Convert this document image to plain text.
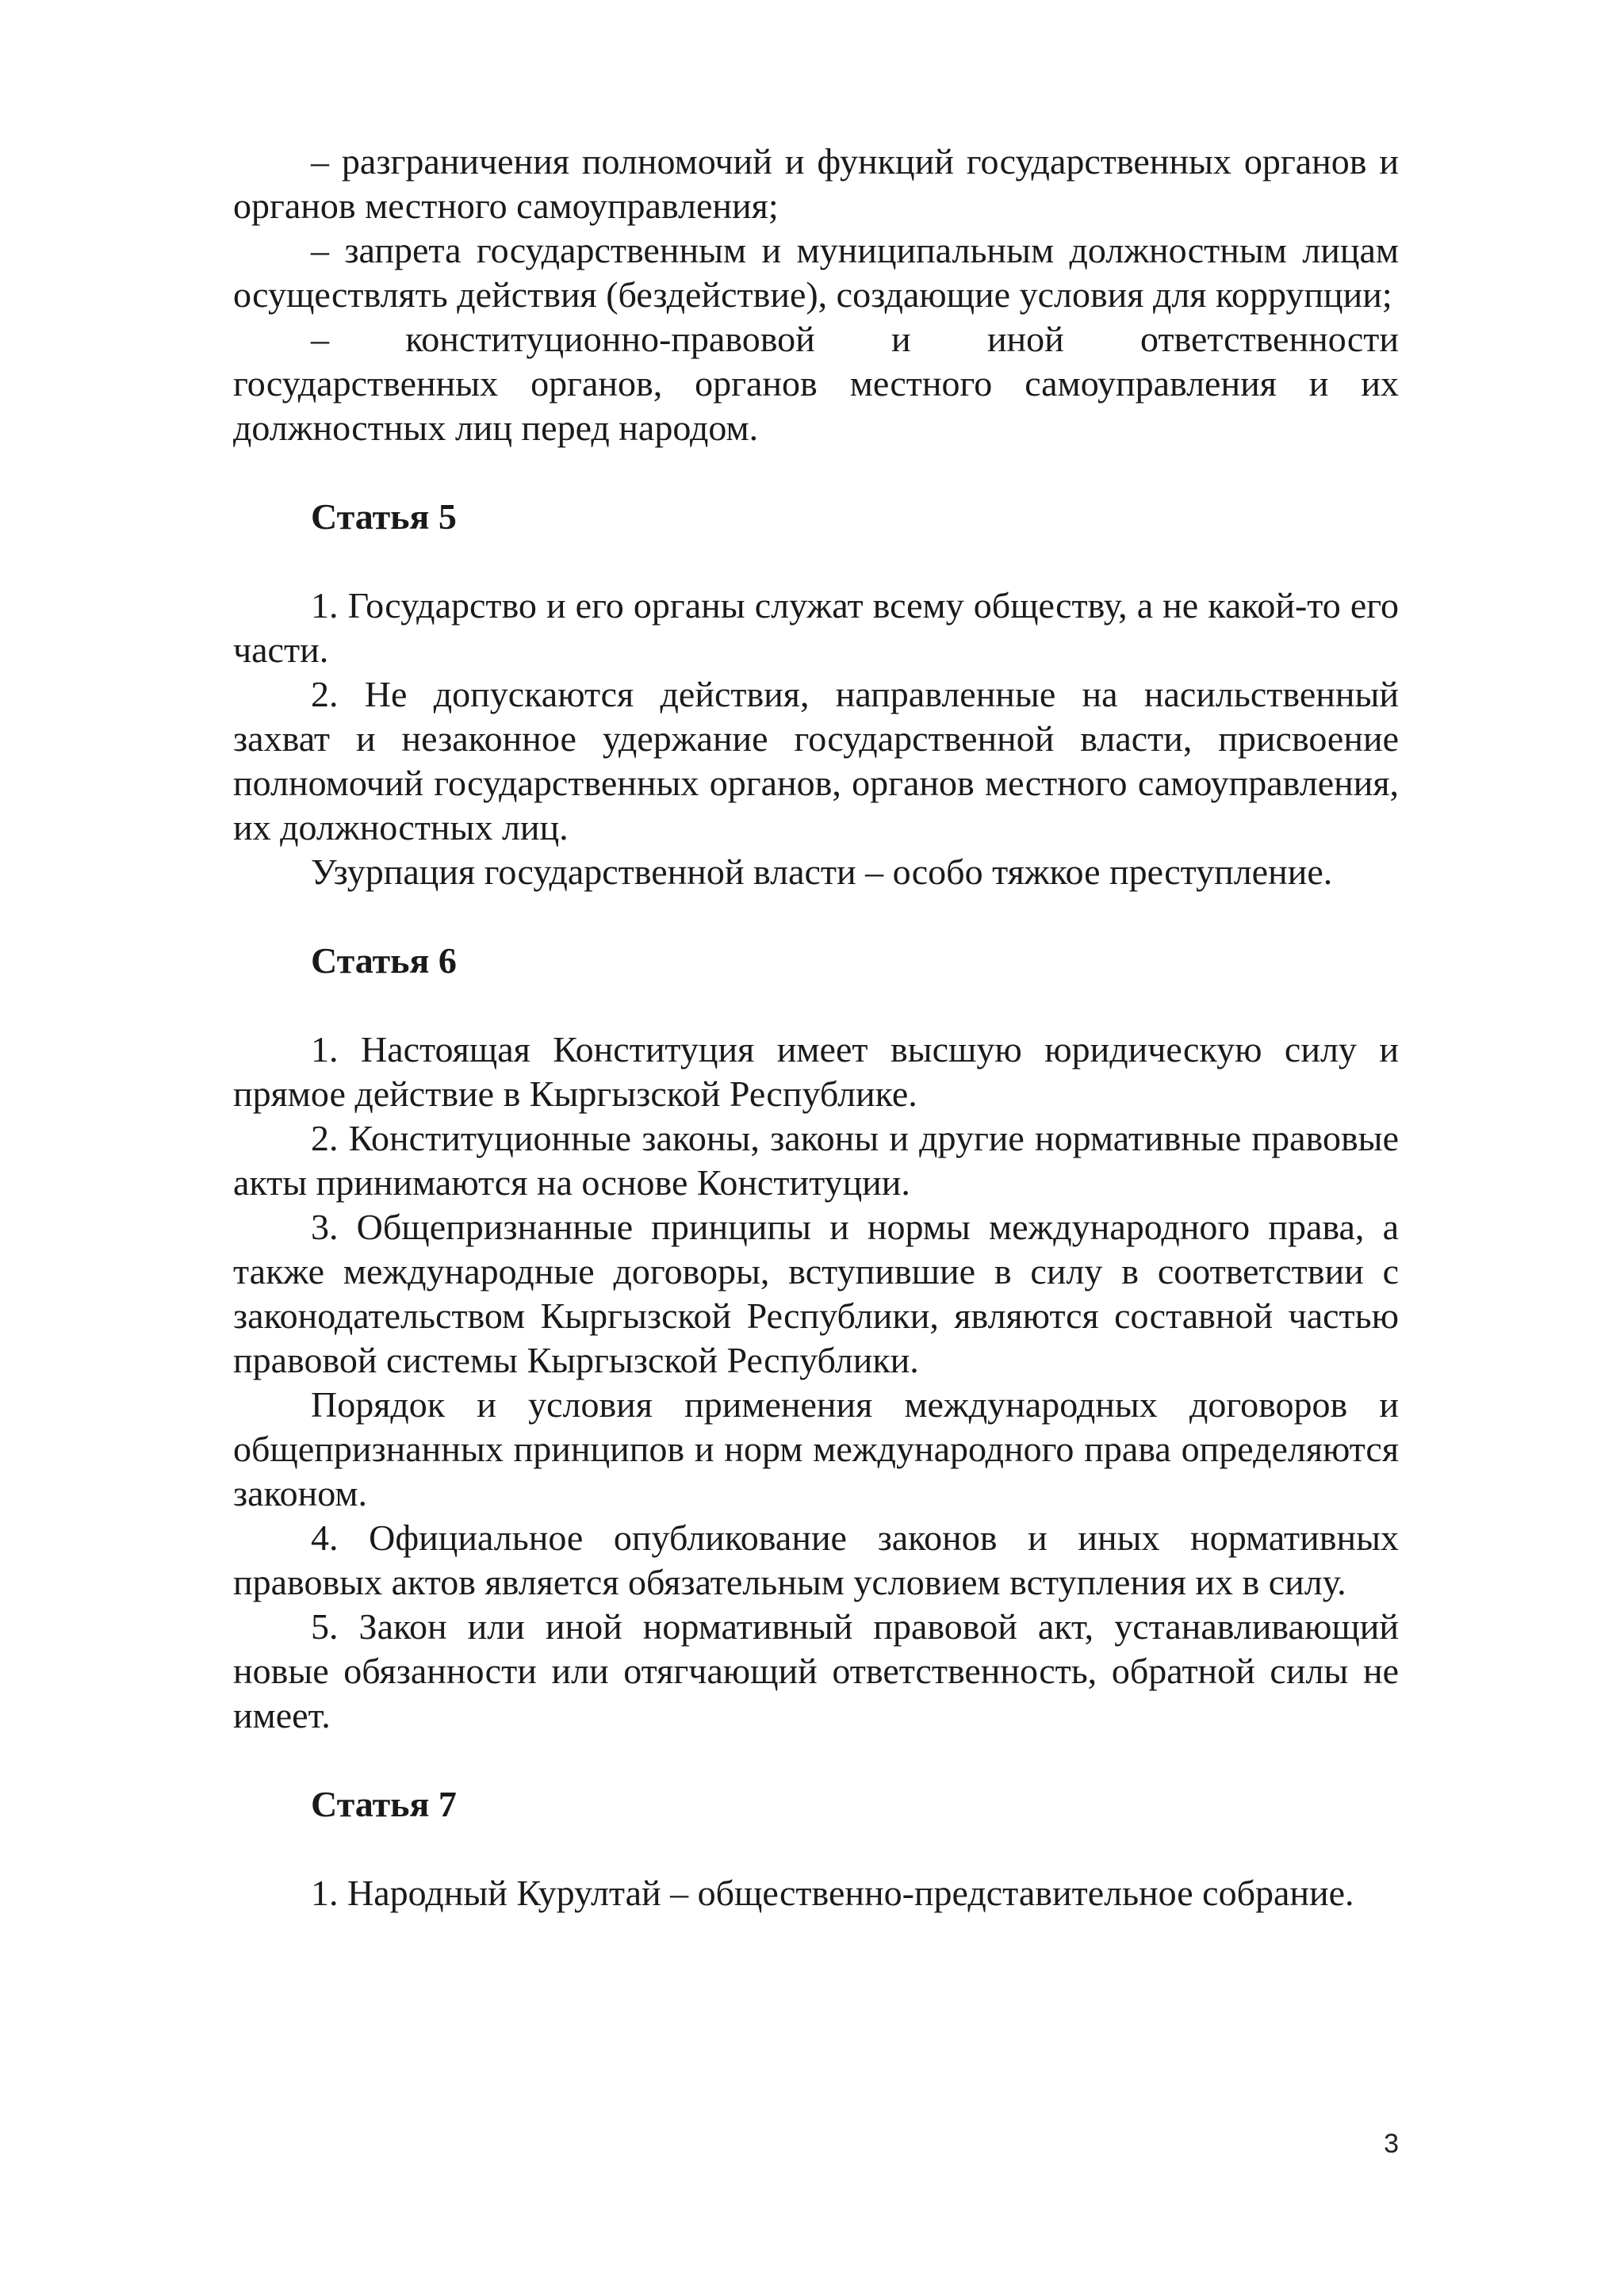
– разграничения полномочий и функций государственных органов и органов местного самоуправления;

– запрета государственным и муниципальным должностным лицам осуществлять действия (бездействие), создающие условия для коррупции;

– конституционно-правовой и иной ответственности государственных органов, органов местного самоуправления и их должностных лиц перед народом.

Статья 5

1. Государство и его органы служат всему обществу, а не какой-то его части.

2. Не допускаются действия, направленные на насильственный захват и незаконное удержание государственной власти, присвоение полномочий государственных органов, органов местного самоуправления, их должностных лиц.

Узурпация государственной власти – особо тяжкое преступление.

Статья 6

1. Настоящая Конституция имеет высшую юридическую силу и прямое действие в Кыргызской Республике.

2. Конституционные законы, законы и другие нормативные правовые акты принимаются на основе Конституции.

3. Общепризнанные принципы и нормы международного права, а также международные договоры, вступившие в силу в соответствии с законодательством Кыргызской Республики, являются составной частью правовой системы Кыргызской Республики.

Порядок и условия применения международных договоров и общепризнанных принципов и норм международного права определяются законом.

4. Официальное опубликование законов и иных нормативных правовых актов является обязательным условием вступления их в силу.

5. Закон или иной нормативный правовой акт, устанавливающий новые обязанности или отягчающий ответственность, обратной силы не имеет.

Статья 7

1. Народный Курултай – общественно-представительное собрание.

3
